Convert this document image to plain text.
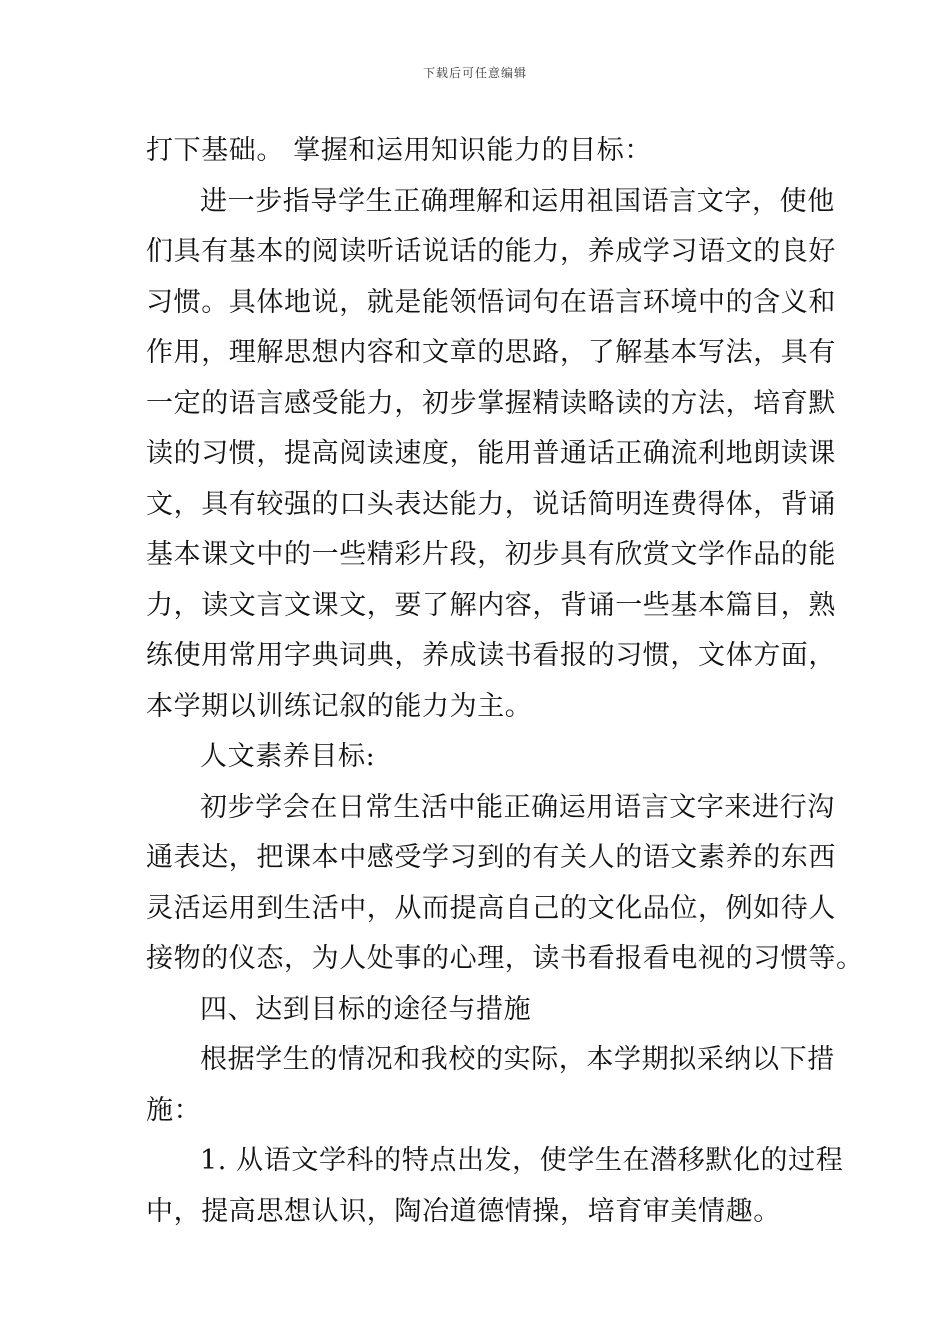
下载后可任意编辑
打下基础。 掌握和运用知识能力的目标：
进一步指导学生正确理解和运用祖国语言文字，使他
们具有基本的阅读听话说话的能力，养成学习语文的良好
习惯。具体地说，就是能领悟词句在语言环境中的含义和
作用，理解思想内容和文章的思路，了解基本写法，具有
一定的语言感受能力，初步掌握精读略读的方法，培育默
读的习惯，提高阅读速度，能用普通话正确流利地朗读课
文，具有较强的口头表达能力，说话简明连费得体，背诵
基本课文中的一些精彩片段，初步具有欣赏文学作品的能
力，读文言文课文，要了解内容，背诵一些基本篇目，熟
练使用常用字典词典，养成读书看报的习惯，文体方面，
本学期以训练记叙的能力为主。
人文素养目标:
初步学会在日常生活中能正确运用语言文字来进行沟
通表达，把课本中感受学习到的有关人的语文素养的东西
灵活运用到生活中，从而提高自己的文化品位，例如待人
接物的仪态，为人处事的心理，读书看报看电视的习惯等。
四、达到目标的途径与措施
根据学生的情况和我校的实际，本学期拟采纳以下措
施：
1. 从语文学科的特点出发，使学生在潜移默化的过程
中，提高思想认识，陶冶道德情操，培育审美情趣。
